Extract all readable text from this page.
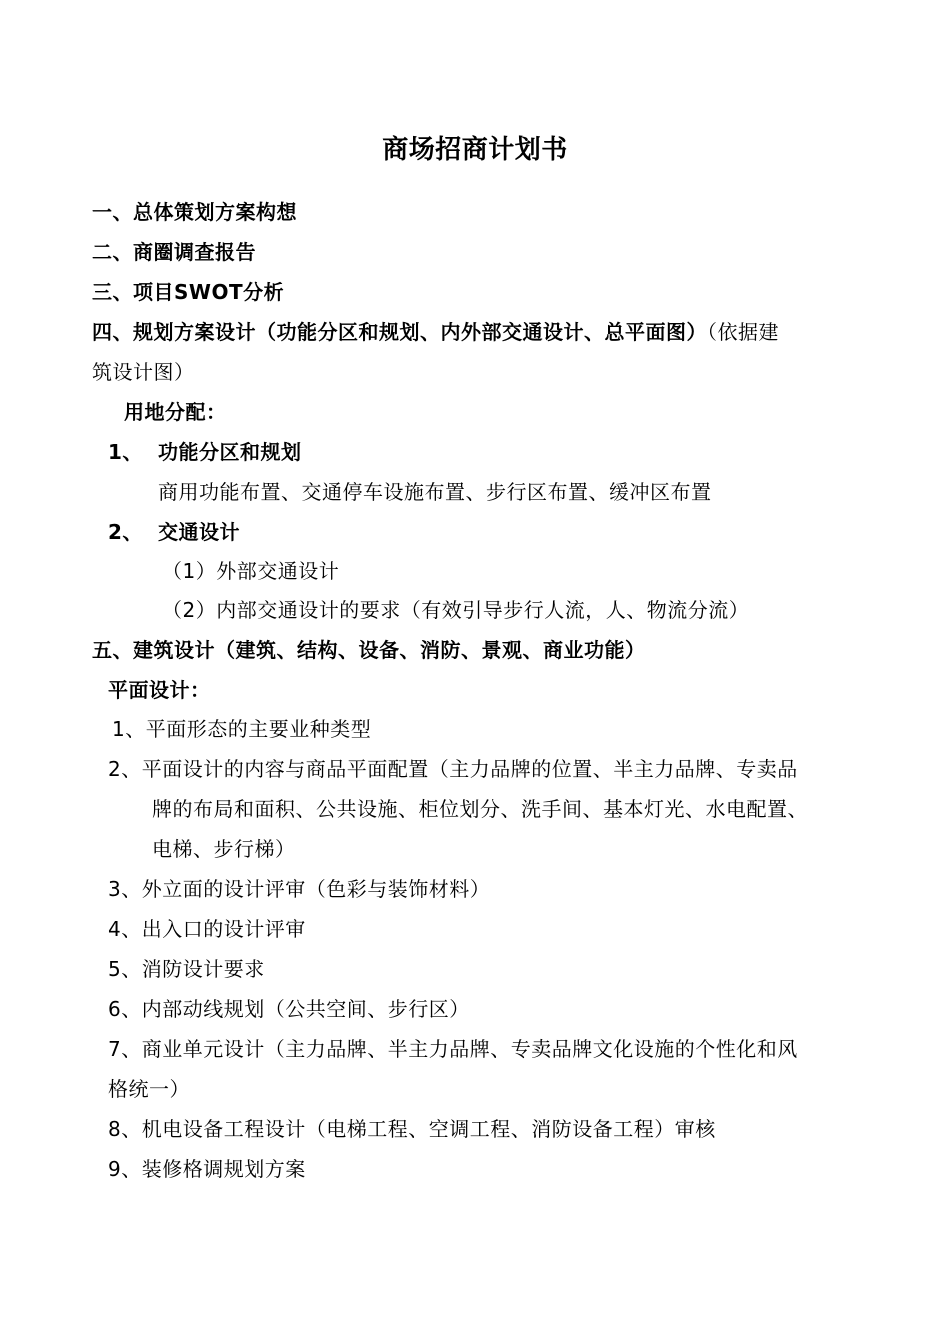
商场招商计划书
一、总体策划方案构想
二、商圈调查报告
三、项目SWOT分析
四、规划方案设计（功能分区和规划、内外部交通设计、总平面图）（依据建
筑设计图）
用地分配：
1、 功能分区和规划
商用功能布置、交通停车设施布置、步行区布置、缓冲区布置
2、 交通设计
（1）外部交通设计
（2）内部交通设计的要求（有效引导步行人流，人、物流分流）
五、建筑设计（建筑、结构、设备、消防、景观、商业功能）
平面设计：
1、平面形态的主要业种类型
2、平面设计的内容与商品平面配置（主力品牌的位置、半主力品牌、专卖品
牌的布局和面积、公共设施、柜位划分、洗手间、基本灯光、水电配置、
电梯、步行梯）
3、外立面的设计评审（色彩与装饰材料）
4、出入口的设计评审
5、消防设计要求
6、内部动线规划（公共空间、步行区）
7、商业单元设计（主力品牌、半主力品牌、专卖品牌文化设施的个性化和风
格统一）
8、机电设备工程设计（电梯工程、空调工程、消防设备工程）审核
9、装修格调规划方案
